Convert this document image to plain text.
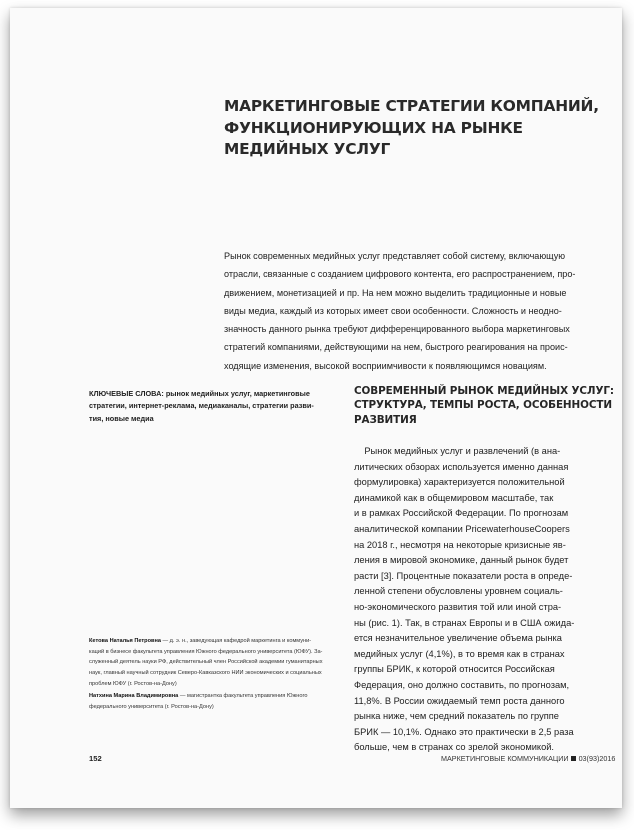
МАРКЕТИНГОВЫЕ СТРАТЕГИИ КОМПАНИЙ,
ФУНКЦИОНИРУЮЩИХ НА РЫНКЕ
МЕДИЙНЫХ УСЛУГ
Рынок современных медийных услуг представляет собой систему, включающую
отрасли, связанные с созданием цифрового контента, его распространением, про-
движением, монетизацией и пр. На нем можно выделить традиционные и новые
виды медиа, каждый из которых имеет свои особенности. Сложность и неодно-
значность данного рынка требуют дифференцированного выбора маркетинговых
стратегий компаниями, действующими на нем, быстрого реагирования на проис-
ходящие изменения, высокой восприимчивости к появляющимся новациям.
КЛЮЧЕВЫЕ СЛОВА: рынок медийных услуг, маркетинговые
стратегии, интернет-реклама, медиаканалы, стратегии разви-
тия, новые медиа
СОВРЕМЕННЫЙ РЫНОК МЕДИЙНЫХ УСЛУГ:
СТРУКТУРА, ТЕМПЫ РОСТА, ОСОБЕННОСТИ
РАЗВИТИЯ
Рынок медийных услуг и развлечений (в ана-
литических обзорах используется именно данная
формулировка) характеризуется положительной
динамикой как в общемировом масштабе, так
и в рамках Российской Федерации. По прогнозам
аналитической компании PricewaterhouseCoopers
на 2018 г., несмотря на некоторые кризисные яв-
ления в мировой экономике, данный рынок будет
расти [3]. Процентные показатели роста в опреде-
ленной степени обусловлены уровнем социаль-
но-экономического развития той или иной стра-
ны (рис. 1). Так, в странах Европы и в США ожида-
ется незначительное увеличение объема рынка
медийных услуг (4,1%), в то время как в странах
группы БРИК, к которой относится Российская
Федерация, оно должно составить, по прогнозам,
11,8%. В России ожидаемый темп роста данного
рынка ниже, чем средний показатель по группе
БРИК — 10,1%. Однако это практически в 2,5 раза
больше, чем в странах со зрелой экономикой.
Кетова Наталья Петровна — д. э. н., заведующая кафедрой маркетинга и коммуни-
каций в бизнесе факультета управления Южного федерального университета (ЮФУ). За-
служенный деятель науки РФ, действительный член Российской академии гуманитарных
наук, главный научный сотрудник Северо-Кавказского НИИ экономических и социальных
проблем ЮФУ (г. Ростов-на-Дону)
Натхина Марина Владимировна — магистрантка факультета управления Южного
федерального университета (г. Ростов-на-Дону)
152	МАРКЕТИНГОВЫЕ КОММУНИКАЦИИ 03(93)2016
